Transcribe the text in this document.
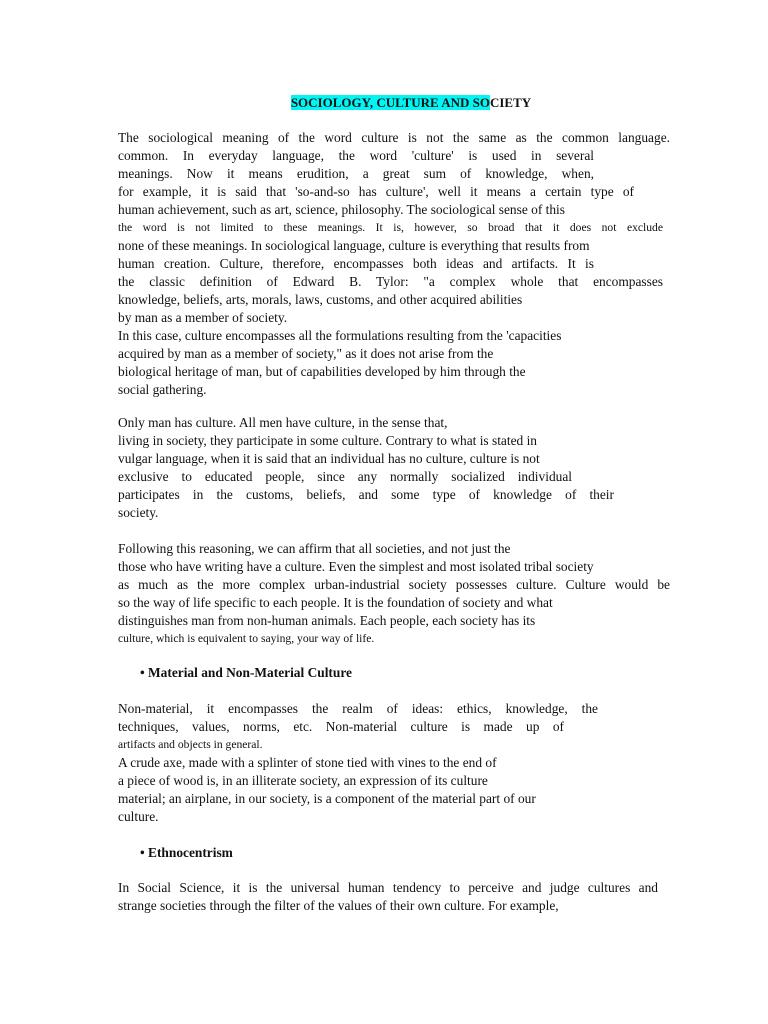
SOCIOLOGY, CULTURE AND SOCIETY
The sociological meaning of the word culture is not the same as the common language.
common. In everyday language, the word 'culture' is used in several
meanings. Now it means erudition, a great sum of knowledge, when,
for example, it is said that 'so-and-so has culture', well it means a certain type of
human achievement, such as art, science, philosophy. The sociological sense of this
the word is not limited to these meanings. It is, however, so broad that it does not exclude
none of these meanings. In sociological language, culture is everything that results from
human creation. Culture, therefore, encompasses both ideas and artifacts. It is
the classic definition of Edward B. Tylor: "a complex whole that encompasses
knowledge, beliefs, arts, morals, laws, customs, and other acquired abilities
by man as a member of society.
In this case, culture encompasses all the formulations resulting from the 'capacities
acquired by man as a member of society," as it does not arise from the
biological heritage of man, but of capabilities developed by him through the
social gathering.
Only man has culture. All men have culture, in the sense that,
living in society, they participate in some culture. Contrary to what is stated in
vulgar language, when it is said that an individual has no culture, culture is not
exclusive to educated people, since any normally socialized individual
participates in the customs, beliefs, and some type of knowledge of their
society.
Following this reasoning, we can affirm that all societies, and not just the
those who have writing have a culture. Even the simplest and most isolated tribal society
as much as the more complex urban-industrial society possesses culture. Culture would be
so the way of life specific to each people. It is the foundation of society and what
distinguishes man from non-human animals. Each people, each society has its
culture, which is equivalent to saying, your way of life.
• Material and Non-Material Culture
Non-material, it encompasses the realm of ideas: ethics, knowledge, the
techniques, values, norms, etc. Non-material culture is made up of
artifacts and objects in general.
A crude axe, made with a splinter of stone tied with vines to the end of
a piece of wood is, in an illiterate society, an expression of its culture
material; an airplane, in our society, is a component of the material part of our
culture.
• Ethnocentrism
In Social Science, it is the universal human tendency to perceive and judge cultures and
strange societies through the filter of the values of their own culture. For example,
